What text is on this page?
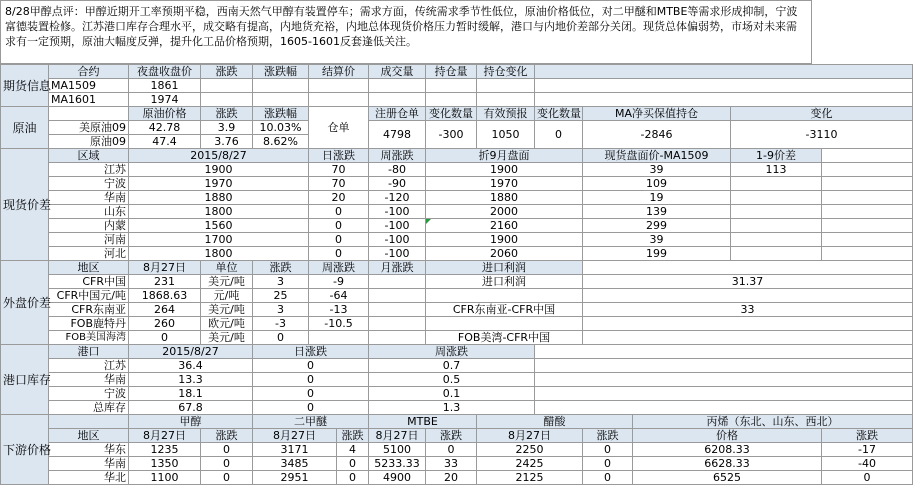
8/28甲醇点评：甲醇近期开工率预期平稳，西南天然气甲醇有装置停车；需求方面，传统需求季节性低位，原油价格低位，对二甲醚和MTBE等需求形成抑制，宁波富德装置检修。江苏港口库存合理水平，成交略有提高，内地货充裕，内地总体现货价格压力暂时缓解，港口与内地价差部分关闭。现货总体偏弱势，市场对未来需求有一定预期，原油大幅度反弹，提升化工品价格预期，1605-1601反套逢低关注。
期货信息	合约	夜盘收盘价	涨跌	涨跌幅	结算价		成交量	持仓量	持仓变化					
	MA1509	1861												
	MA1601	1974												
原油		原油价格	涨跌	涨跌幅	仓单		注册仓单	变化数量	有效预报	变化数量	MA净买保值持仓		变化	
	美原油09	42.78	3.9	10.03%			4798	-300	1050	0	-2846		-3110	
	原油09	47.4	3.76	8.62%										
现货价差	区域	2015/8/27			日涨跌		周涨跌	折9月盘面			现货盘面价-MA1509		1-9价差	
	江苏	1900			70		-80	1900			39		113	
	宁波	1970			70		-90	1970			109			
	华南	1880			20		-120	1880			19			
	山东	1800			0		-100	2000			139			
	内蒙	1560			0		-100	2160			299			
	河南	1700			0		-100	1900			39			
	河北	1800			0		-100	2060			199			
外盘价差	地区	8月27日	单位	涨跌	周涨跌		月涨跌	进口利润						
	CFR中国	231	美元/吨	3	-9			进口利润			31.37			
	CFR中国元/吨	1868.63	元/吨	25	-64									
	CFR东南亚	264	美元/吨	3	-13			CFR东南亚-CFR中国			33			
	FOB鹿特丹	260	欧元/吨	-3	-10.5									
	FOB美国海湾	0	美元/吨	0				FOB美湾-CFR中国						
港口库存	港口	2015/8/27		日涨跌			周涨跌							
	江苏	36.4		0			0.7							
	华南	13.3		0			0.5							
	宁波	18.1		0			0.1							
	总库存	67.8		0			1.3							
下游价格		甲醇		二甲醚			MTBE		醋酸			丙烯（东北、山东、西北）		
	地区	8月27日	涨跌	8月27日		涨跌	8月27日	涨跌	8月27日		涨跌	价格		涨跌
	华东	1235	0	3171		4	5100	0	2250		0	6208.33		-17
	华南	1350	0	3485		0	5233.33	33	2425		0	6628.33		-40
	华北	1100	0	2951		0	4900	20	2125		0	6525		0
